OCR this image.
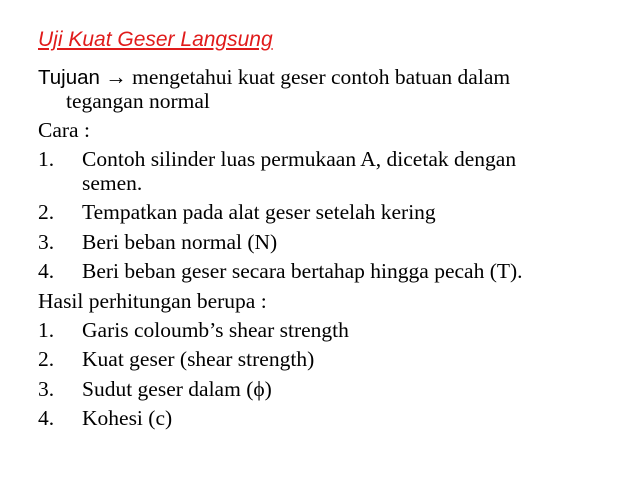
Uji Kuat Geser Langsung
Tujuan → mengetahui kuat geser contoh batuan dalam
tegangan normal
Cara :
1. Contoh silinder luas permukaan A, dicetak dengan
semen.
2. Tempatkan pada alat geser setelah kering
3. Beri beban normal (N)
4. Beri beban geser secara bertahap hingga pecah (T).
Hasil perhitungan berupa :
1. Garis coloumb’s shear strength
2. Kuat geser (shear strength)
3. Sudut geser dalam (ϕ)
4. Kohesi (c)
